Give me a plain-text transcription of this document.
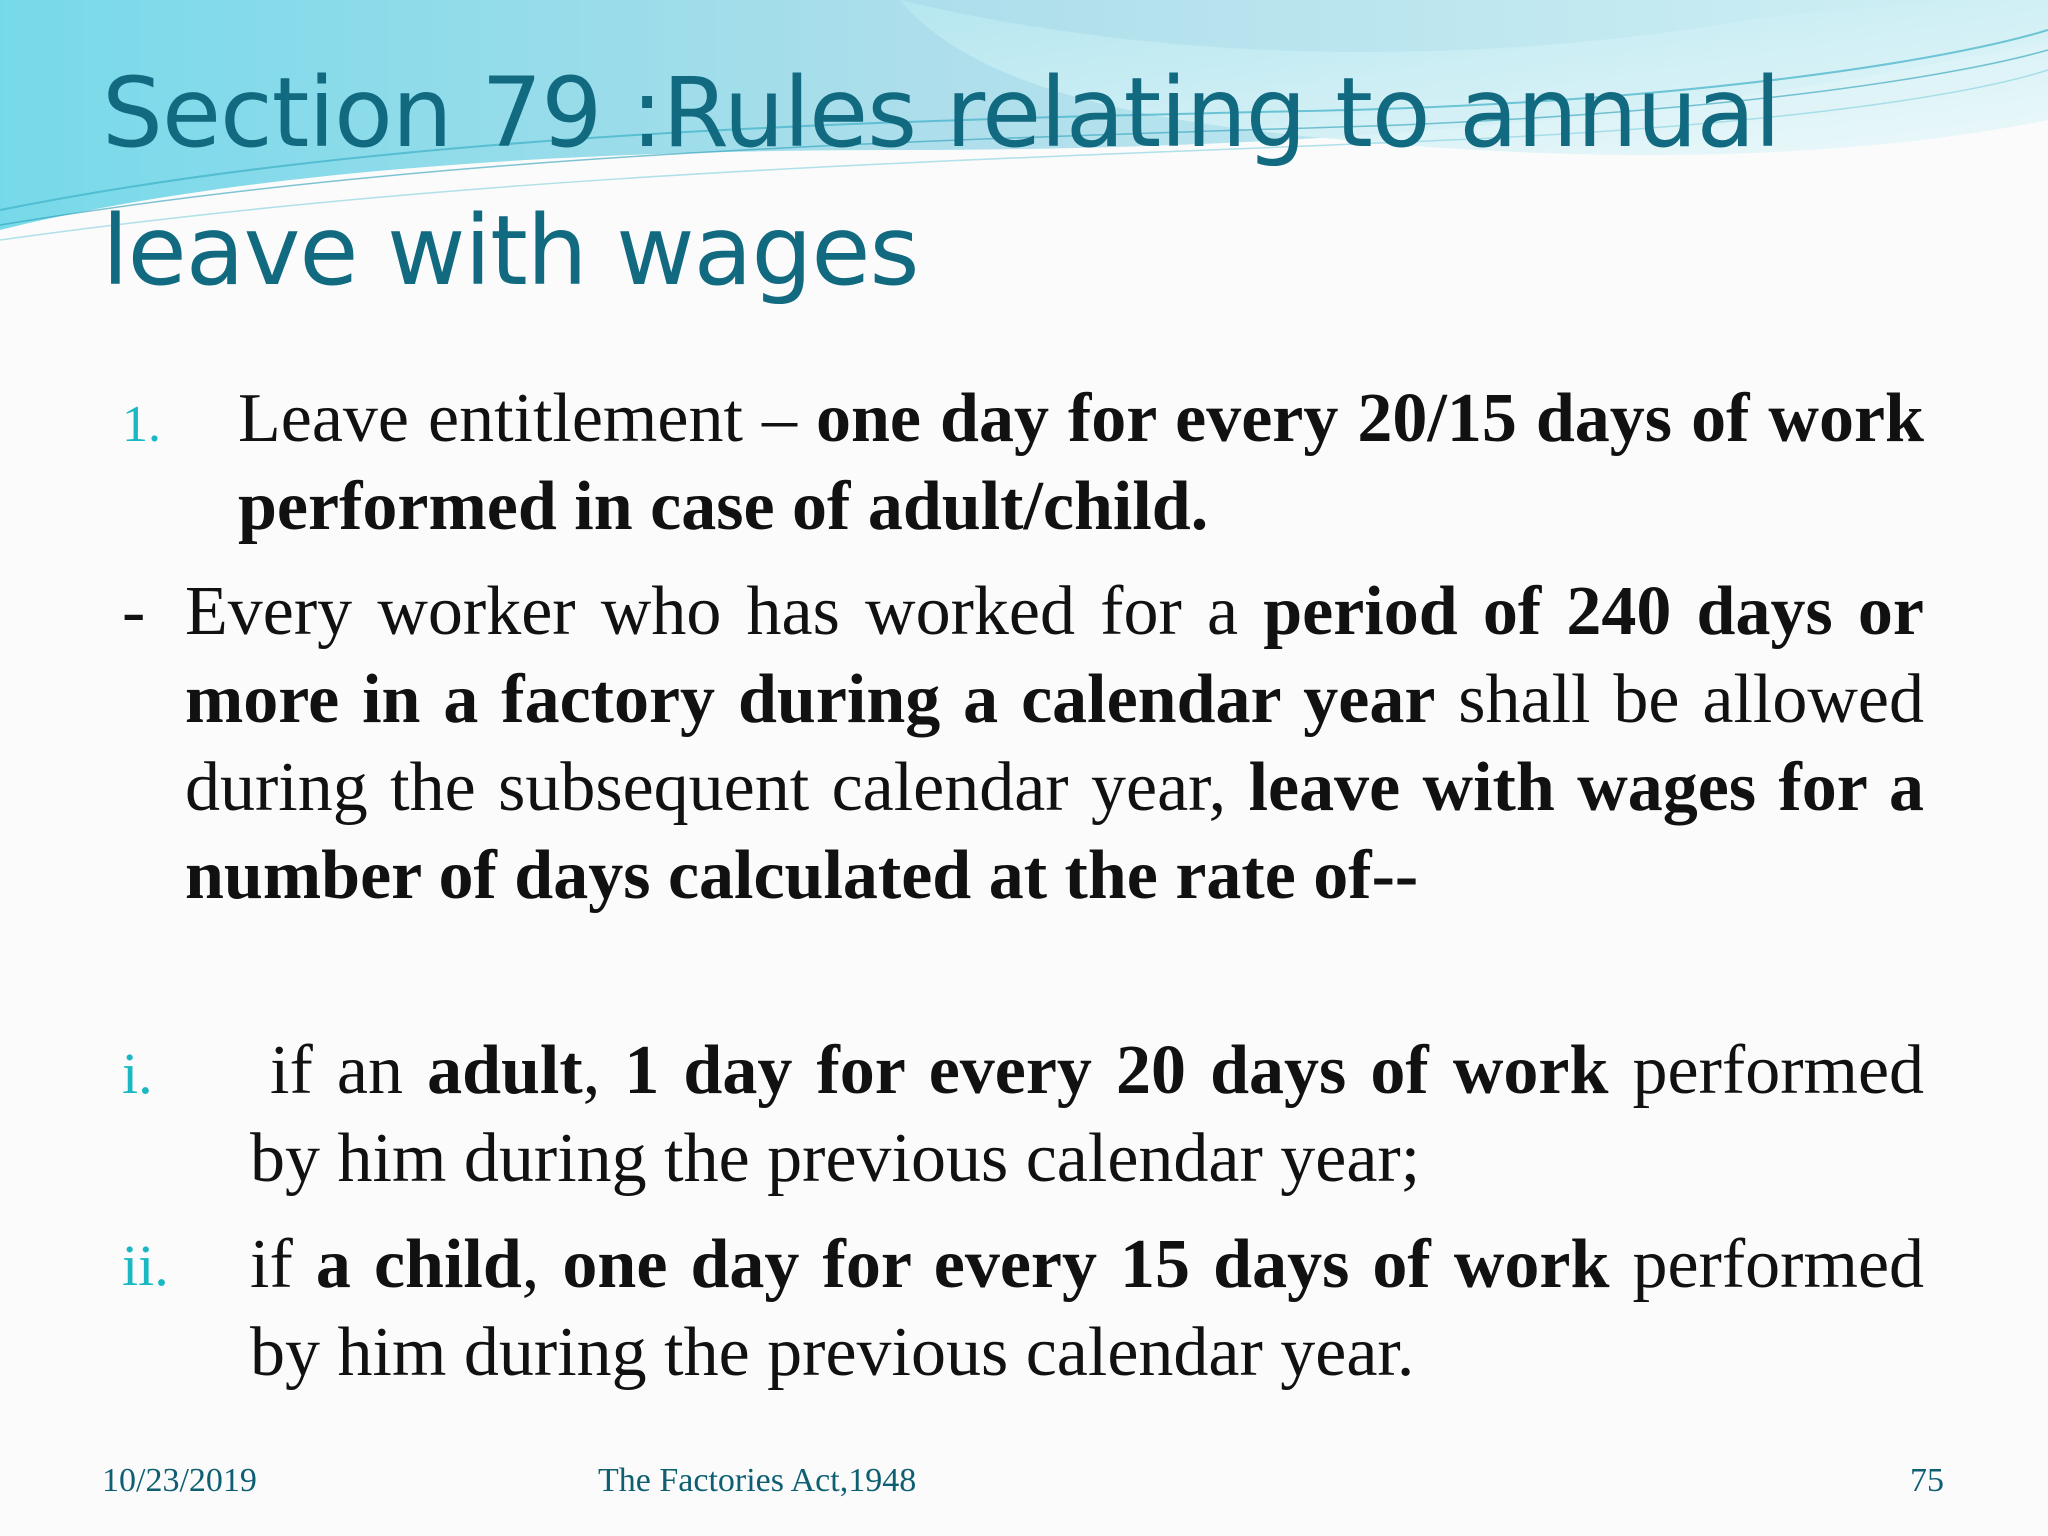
Section 79 :Rules relating to annual leave with wages
1. Leave entitlement – one day for every 20/15 days of work performed in case of adult/child.
- Every worker who has worked for a period of 240 days or more in a factory during a calendar year shall be allowed during the subsequent calendar year, leave with wages for a number of days calculated at the rate of--
i. if an adult, 1 day for every 20 days of work performed by him during the previous calendar year;
ii. if a child, one day for every 15 days of work performed by him during the previous calendar year.
10/23/2019	The Factories Act,1948	75
